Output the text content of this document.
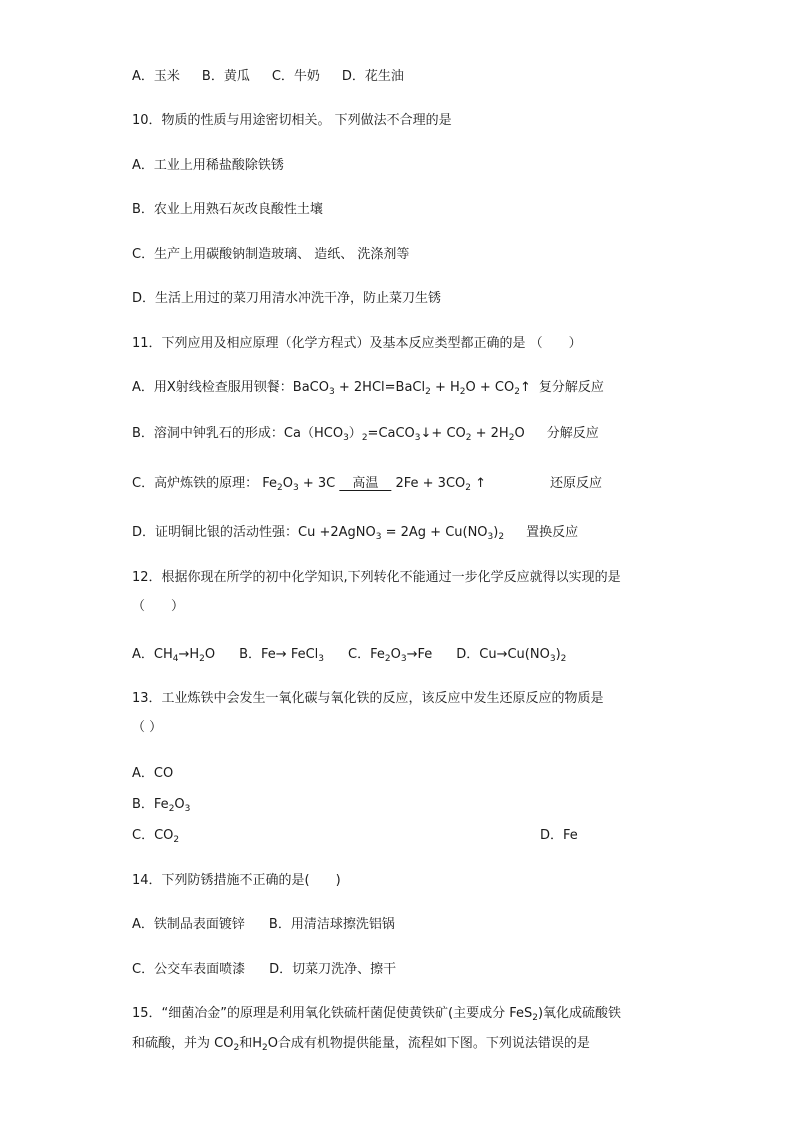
A．玉米 B．黄瓜 C．牛奶 D．花生油
10．物质的性质与用途密切相关。 下列做法不合理的是
A．工业上用稀盐酸除铁锈
B．农业上用熟石灰改良酸性土壤
C．生产上用碳酸钠制造玻璃、 造纸、 洗涤剂等
D．生活上用过的菜刀用清水冲洗干净，防止菜刀生锈
11．下列应用及相应原理（化学方程式）及基本反应类型都正确的是 （　　）
A．用X射线检查服用钡餐：BaCO$_3$ + 2HCl=BaCl$_2$ + $H_2O$ + $CO_2↑$ 复分解反应
B．溶洞中钟乳石的形成：$Ca(HCO_3)_2=CaCO_3↓+ CO_2 + 2H_2O$ 分解反应
C．高炉炼铁的原理： $Fe_2O_3 + 3C$ 　高温　 $2Fe + 3CO_2$ ↑	还原反应
D．证明铜比银的活动性强：Cu +2AgNO$_3$ = $2Ag + Cu(NO_3)_2$ 置换反应
12．根据你现在所学的初中化学知识,下列转化不能通过一步化学反应就得以实现的是
（　　）
A．$CH_4\to H_2O$ B．Fe→ FeCl$_3$ C．$Fe_2O_3\to Fe$ D．$Cu\to Cu(NO_3)_2$
13．工业炼铁中会发生一氧化碳与氧化铁的反应，该反应中发生还原反应的物质是
（ ）
A．CO
B．$Fe_2O_3$
C．$CO_2$	D．Fe
14．下列防锈措施不正确的是(　　)
A．铁制品表面镀锌 B．用清洁球擦洗铝锅
C．公交车表面喷漆 D．切菜刀洗净、擦干
15．“细菌冶金”的原理是利用氧化铁硫杆菌促使黄铁矿(主要成分 FeS$_2$)氧化成硫酸铁
和硫酸，并为 $CO_2$和$H_2O$合成有机物提供能量，流程如下图。下列说法错误的是
